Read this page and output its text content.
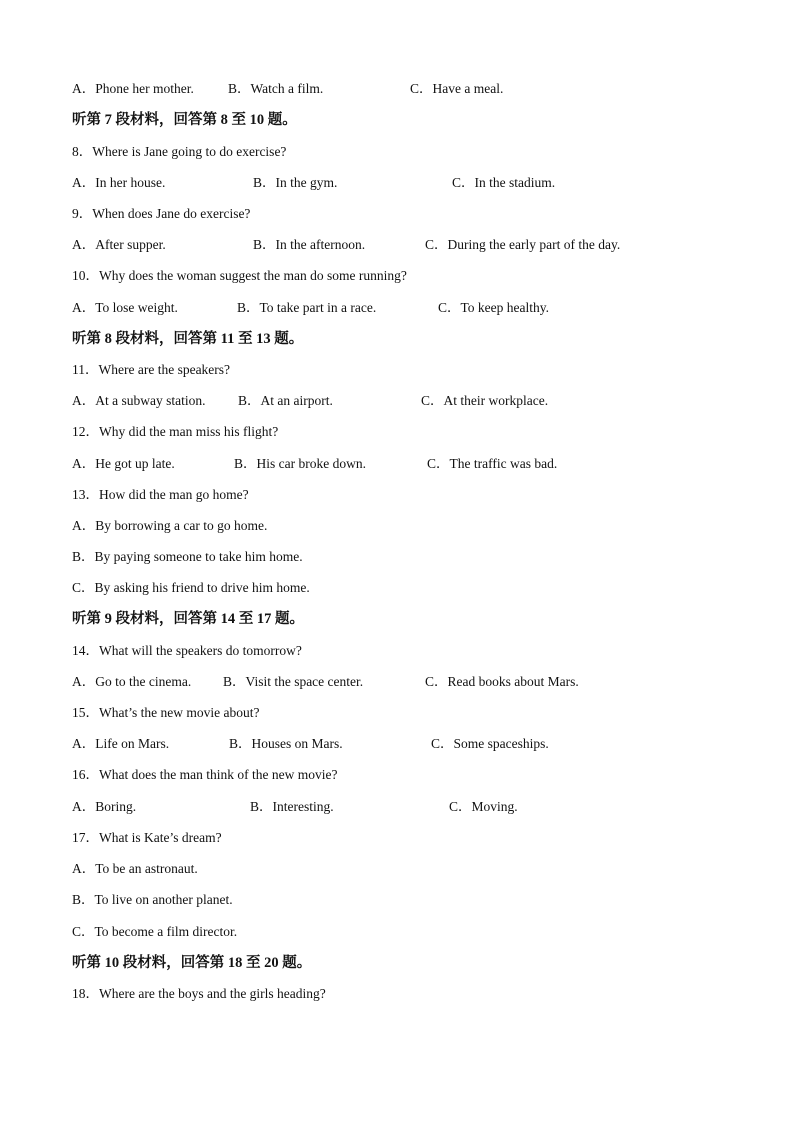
A．Phone her mother.	B．Watch a film.	C．Have a meal.
听第 7 段材料，回答第 8 至 10 题。
8．Where is Jane going to do exercise?
A．In her house.	B．In the gym.	C．In the stadium.
9．When does Jane do exercise?
A．After supper.	B．In the afternoon.	C．During the early part of the day.
10．Why does the woman suggest the man do some running?
A．To lose weight.	B．To take part in a race.	C．To keep healthy.
听第 8 段材料，回答第 11 至 13 题。
11．Where are the speakers?
A．At a subway station. B．At an airport.	C．At their workplace.
12．Why did the man miss his flight?
A．He got up late.	B．His car broke down.	C．The traffic was bad.
13．How did the man go home?
A．By borrowing a car to go home.
B．By paying someone to take him home.
C．By asking his friend to drive him home.
听第 9 段材料，回答第 14 至 17 题。
14．What will the speakers do tomorrow?
A．Go to the cinema. B．Visit the space center.	C．Read books about Mars.
15．What’s the new movie about?
A．Life on Mars.	B．Houses on Mars.	C．Some spaceships.
16．What does the man think of the new movie?
A．Boring.	B．Interesting.	C．Moving.
17．What is Kate’s dream?
A．To be an astronaut.
B．To live on another planet.
C．To become a film director.
听第 10 段材料，回答第 18 至 20 题。
18．Where are the boys and the girls heading?
